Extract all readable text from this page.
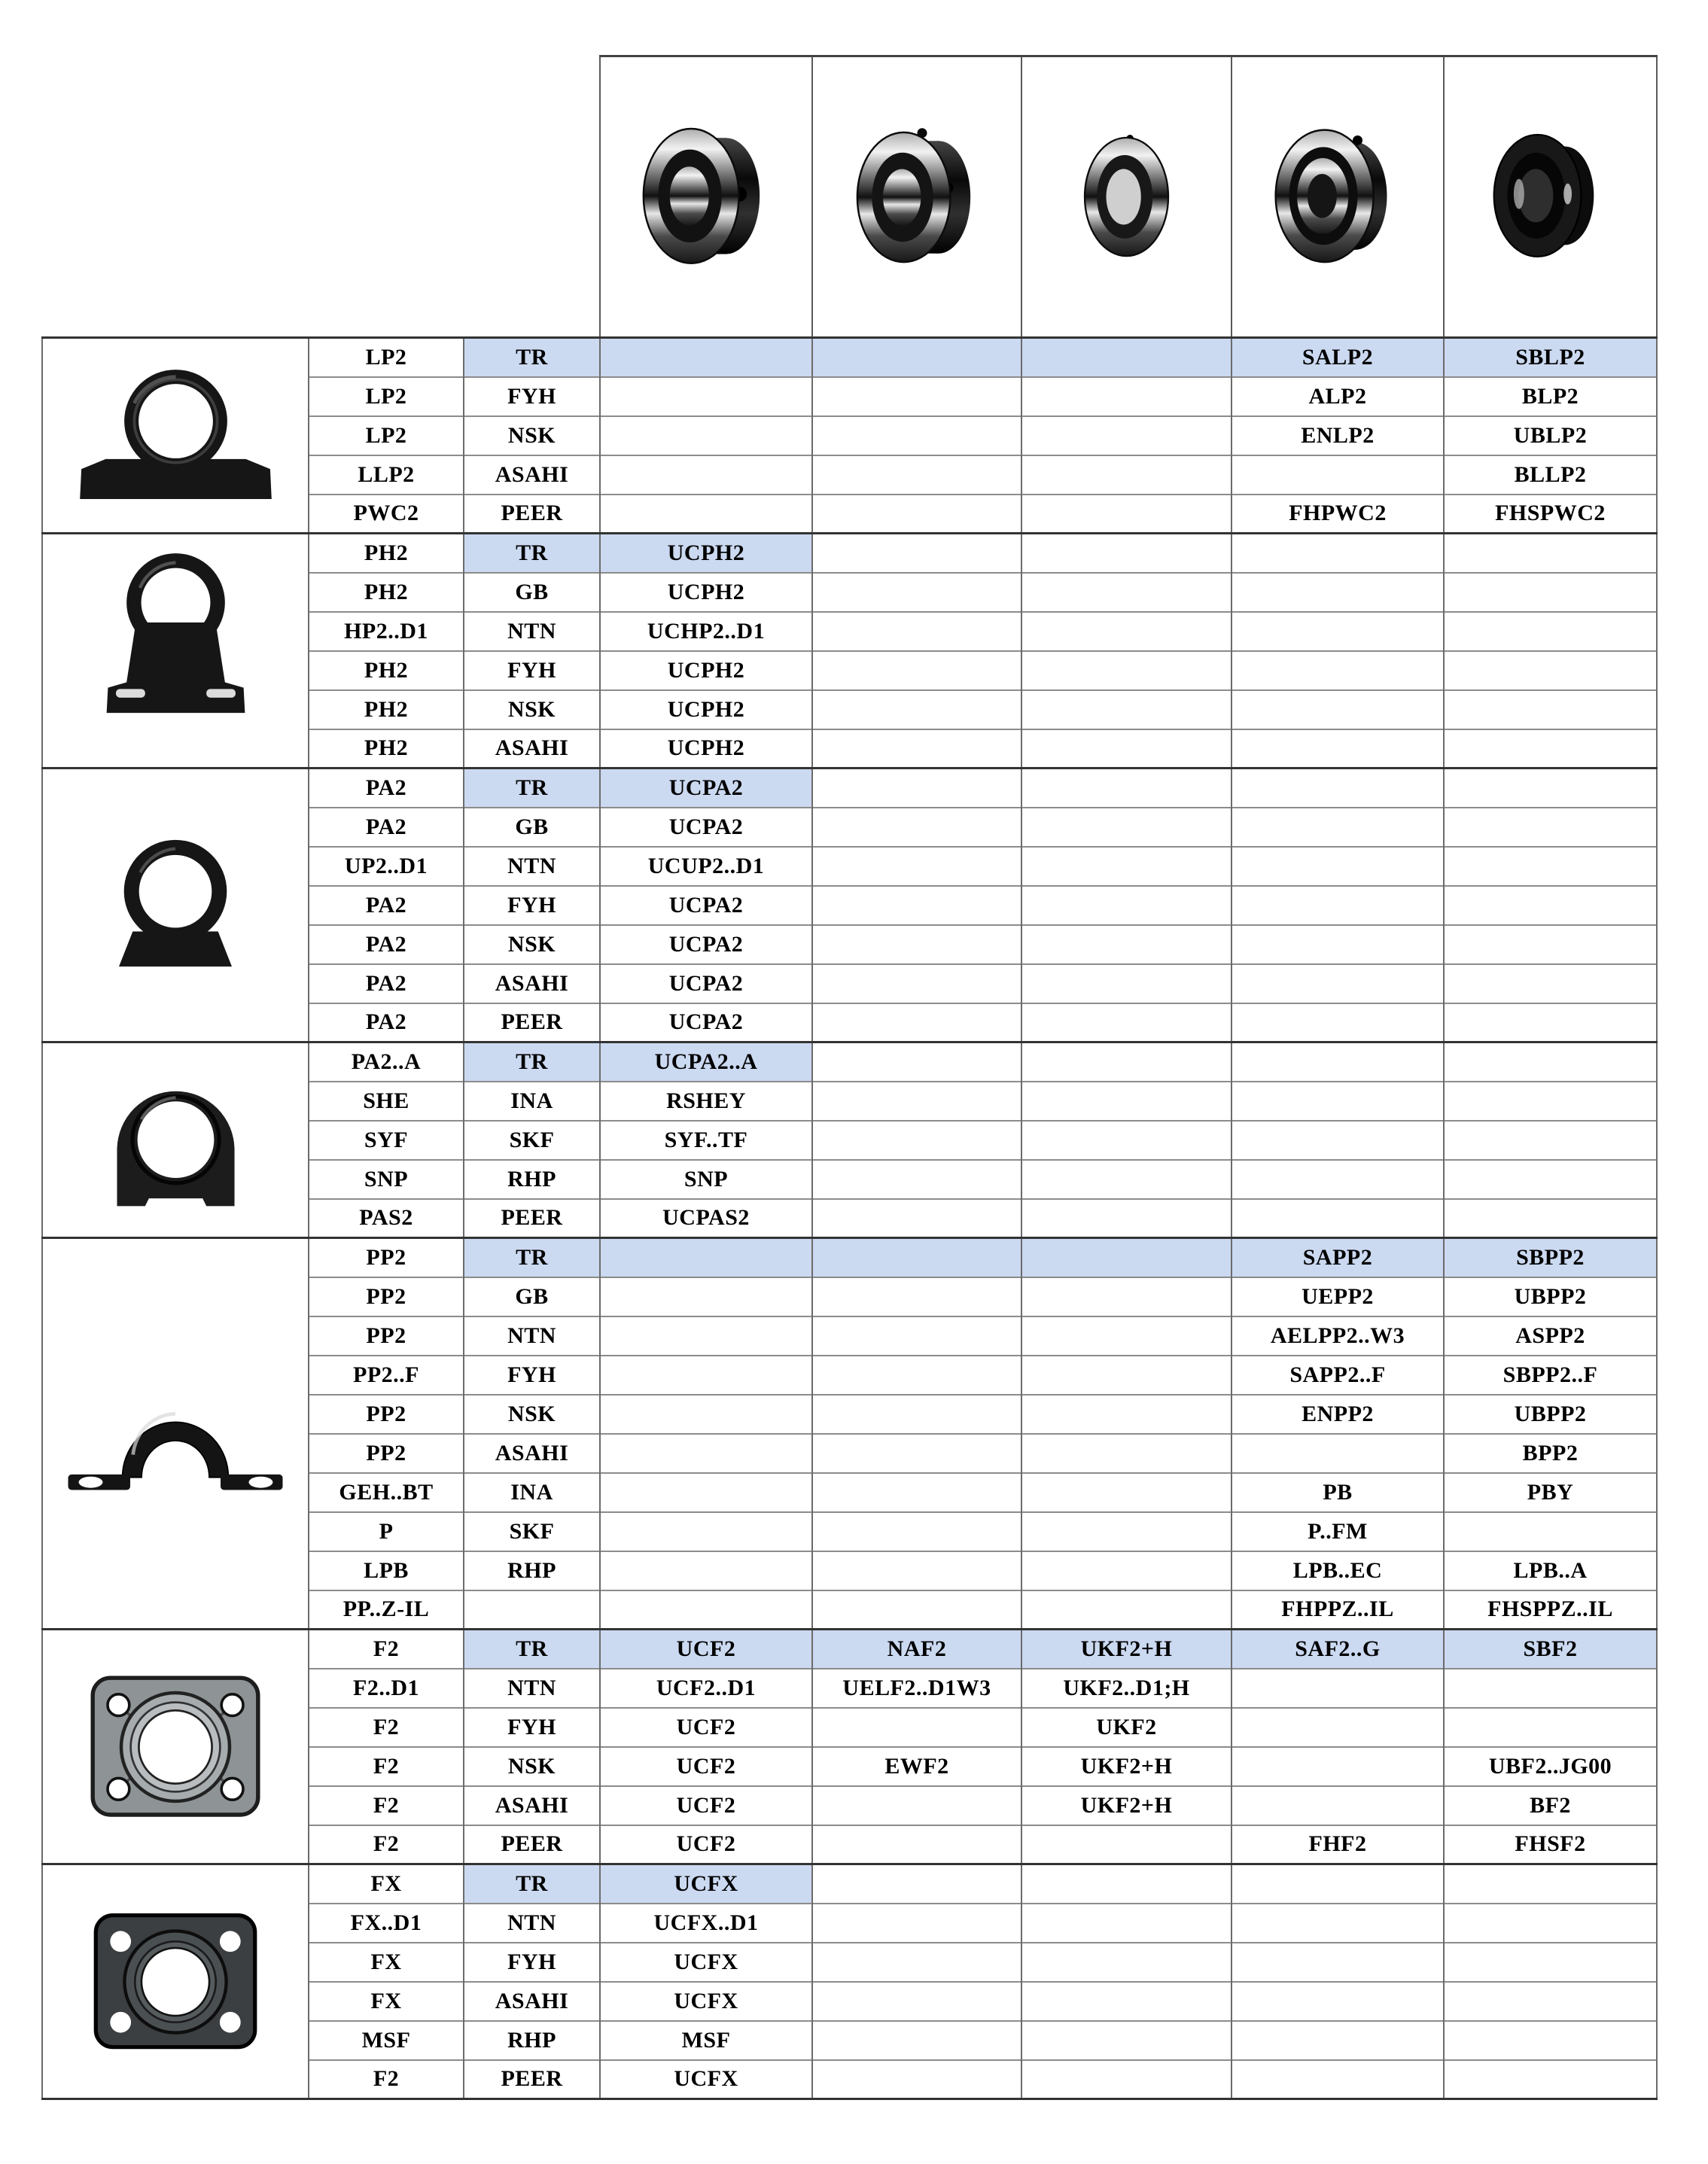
	LP2	TR				SALP2	SBLP2
	LP2	FYH				ALP2	BLP2
	LP2	NSK				ENLP2	UBLP2
	LLP2	ASAHI					BLLP2
	PWC2	PEER				FHPWC2	FHSPWC2

	PH2	TR	UCPH2				
	PH2	GB	UCPH2				
	HP2..D1	NTN	UCHP2..D1				
	PH2	FYH	UCPH2				
	PH2	NSK	UCPH2				
	PH2	ASAHI	UCPH2				

	PA2	TR	UCPA2				
	PA2	GB	UCPA2				
	UP2..D1	NTN	UCUP2..D1				
	PA2	FYH	UCPA2				
	PA2	NSK	UCPA2				
	PA2	ASAHI	UCPA2				
	PA2	PEER	UCPA2				

	PA2..A	TR	UCPA2..A				
	SHE	INA	RSHEY				
	SYF	SKF	SYF..TF				
	SNP	RHP	SNP				
	PAS2	PEER	UCPAS2				

	PP2	TR				SAPP2	SBPP2
	PP2	GB				UEPP2	UBPP2
	PP2	NTN				AELPP2..W3	ASPP2
	PP2..F	FYH				SAPP2..F	SBPP2..F
	PP2	NSK				ENPP2	UBPP2
	PP2	ASAHI					BPP2
	GEH..BT	INA				PB	PBY
	P	SKF				P..FM	
	LPB	RHP				LPB..EC	LPB..A
	PP..Z-IL					FHPPZ..IL	FHSPPZ..IL

	F2	TR	UCF2	NAF2	UKF2+H	SAF2..G	SBF2
	F2..D1	NTN	UCF2..D1	UELF2..D1W3	UKF2..D1;H		
	F2	FYH	UCF2		UKF2		
	F2	NSK	UCF2	EWF2	UKF2+H		UBF2..JG00
	F2	ASAHI	UCF2		UKF2+H		BF2
	F2	PEER	UCF2			FHF2	FHSF2

	FX	TR	UCFX				
	FX..D1	NTN	UCFX..D1				
	FX	FYH	UCFX				
	FX	ASAHI	UCFX				
	MSF	RHP	MSF				
	F2	PEER	UCFX				
